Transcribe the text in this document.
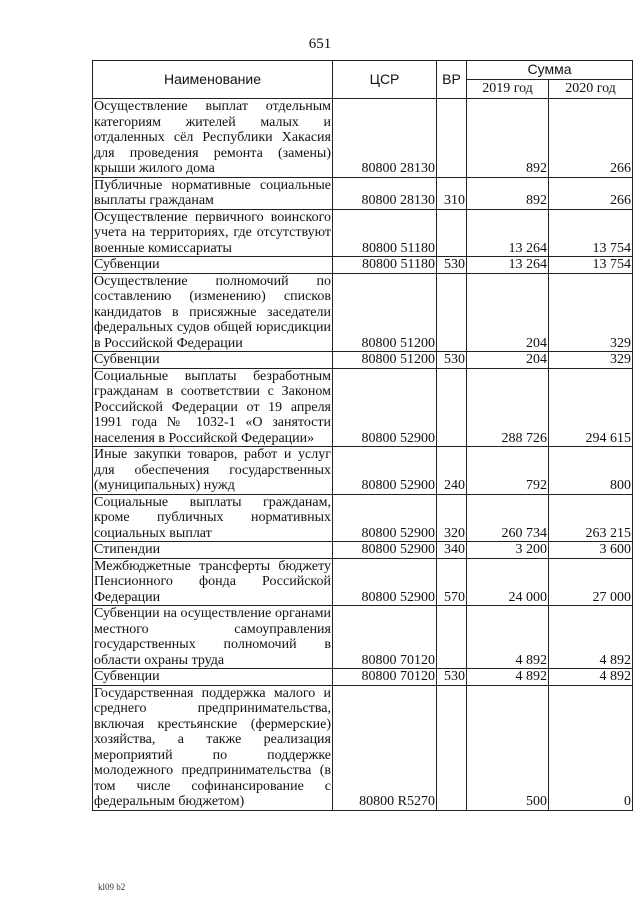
651
Наименование	ЦСР	ВР	Сумма	
			2019 год	2020 год
Осуществление выплат отдельным категориям жителей малых и отдаленных сёл Республики Хакасия для проведения ремонта (замены) крыши жилого дома	80800 28130		892	266
Публичные нормативные социальные выплаты гражданам	80800 28130	310	892	266
Осуществление первичного воинского учета на территориях, где отсутствуют военные комиссариаты	80800 51180		13 264	13 754
Субвенции	80800 51180	530	13 264	13 754
Осуществление полномочий по составлению (изменению) списков кандидатов в присяжные заседатели федеральных судов общей юрисдикции в Российской Федерации	80800 51200		204	329
Субвенции	80800 51200	530	204	329
Социальные выплаты безработным гражданам в соответствии с Законом Российской Федерации от 19 апреля 1991 года № 1032-1 «О занятости населения в Российской Федерации»	80800 52900		288 726	294 615
Иные закупки товаров, работ и услуг для обеспечения государственных (муниципальных) нужд	80800 52900	240	792	800
Социальные выплаты гражданам, кроме публичных нормативных социальных выплат	80800 52900	320	260 734	263 215
Стипендии	80800 52900	340	3 200	3 600
Межбюджетные трансферты бюджету Пенсионного фонда Российской Федерации	80800 52900	570	24 000	27 000
Субвенции на осуществление органами местного самоуправления государственных полномочий в области охраны труда	80800 70120		4 892	4 892
Субвенции	80800 70120	530	4 892	4 892
Государственная поддержка малого и среднего предпринимательства, включая крестьянские (фермерские) хозяйства, а также реализация мероприятий по поддержке молодежного предпринимательства (в том числе софинансирование с федеральным бюджетом)	80800 R5270		500	0
kl09 b2
